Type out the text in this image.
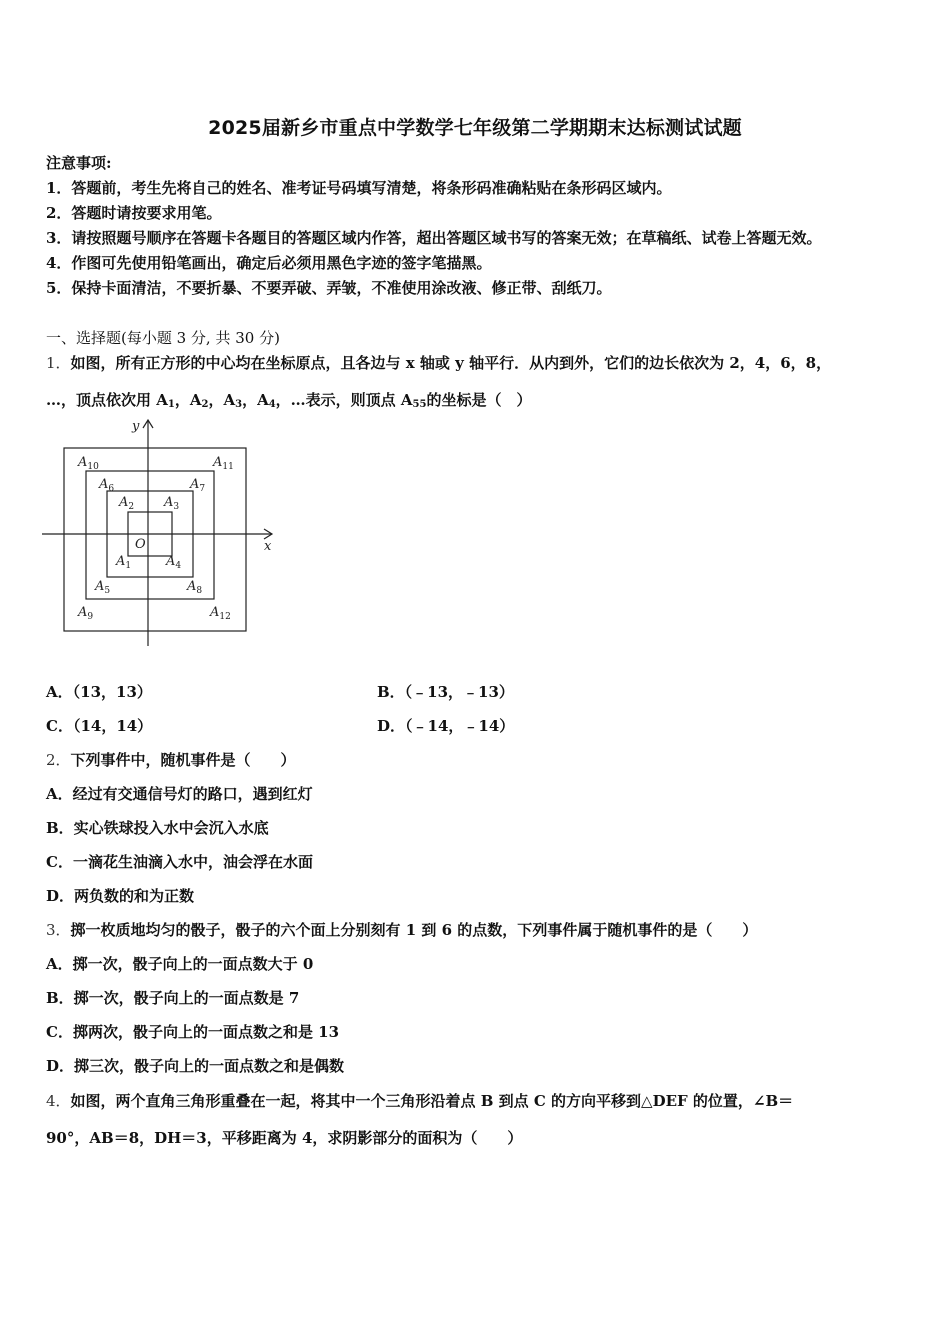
2025届新乡市重点中学数学七年级第二学期期末达标测试试题
注意事项:
1．答题前，考生先将自己的姓名、准考证号码填写清楚，将条形码准确粘贴在条形码区域内。
2．答题时请按要求用笔。
3．请按照题号顺序在答题卡各题目的答题区域内作答，超出答题区域书写的答案无效；在草稿纸、试卷上答题无效。
4．作图可先使用铅笔画出，确定后必须用黑色字迹的签字笔描黑。
5．保持卡面清洁，不要折暴、不要弄破、弄皱，不准使用涂改液、修正带、刮纸刀。
一、选择题(每小题 3 分, 共 30 分)
1．如图，所有正方形的中心均在坐标原点，且各边与 x 轴或 y 轴平行．从内到外，它们的边长依次为 2，4，6，8，
…，顶点依次用 $A_1$，$A_2$，$A_3$，$A_4$，…表示，则顶点 $A_{55}$的坐标是（　）
y
x
O
$A_{10}$	$A_{11}$
$A_6$	$A_7$
$A_2$ $A_3$
$A_1$	$A_4$
$A_5$	$A_8$
$A_9$	$A_{12}$
A．（13，13）	B．（﹣13，﹣13）
C．（14，14）	D．（﹣14，﹣14）
2．下列事件中，随机事件是（　　）
A．经过有交通信号灯的路口，遇到红灯
B．实心铁球投入水中会沉入水底
C．一滴花生油滴入水中，油会浮在水面
D．两负数的和为正数
3．掷一枚质地均匀的骰子，骰子的六个面上分别刻有 1 到 6 的点数，下列事件属于随机事件的是（　　）
A．掷一次，骰子向上的一面点数大于 0
B．掷一次，骰子向上的一面点数是 7
C．掷两次，骰子向上的一面点数之和是 13
D．掷三次，骰子向上的一面点数之和是偶数
4．如图，两个直角三角形重叠在一起，将其中一个三角形沿着点 B 到点 C 的方向平移到△DEF 的位置，∠B＝
90°，AB＝8，DH＝3，平移距离为 4，求阴影部分的面积为（　　）
